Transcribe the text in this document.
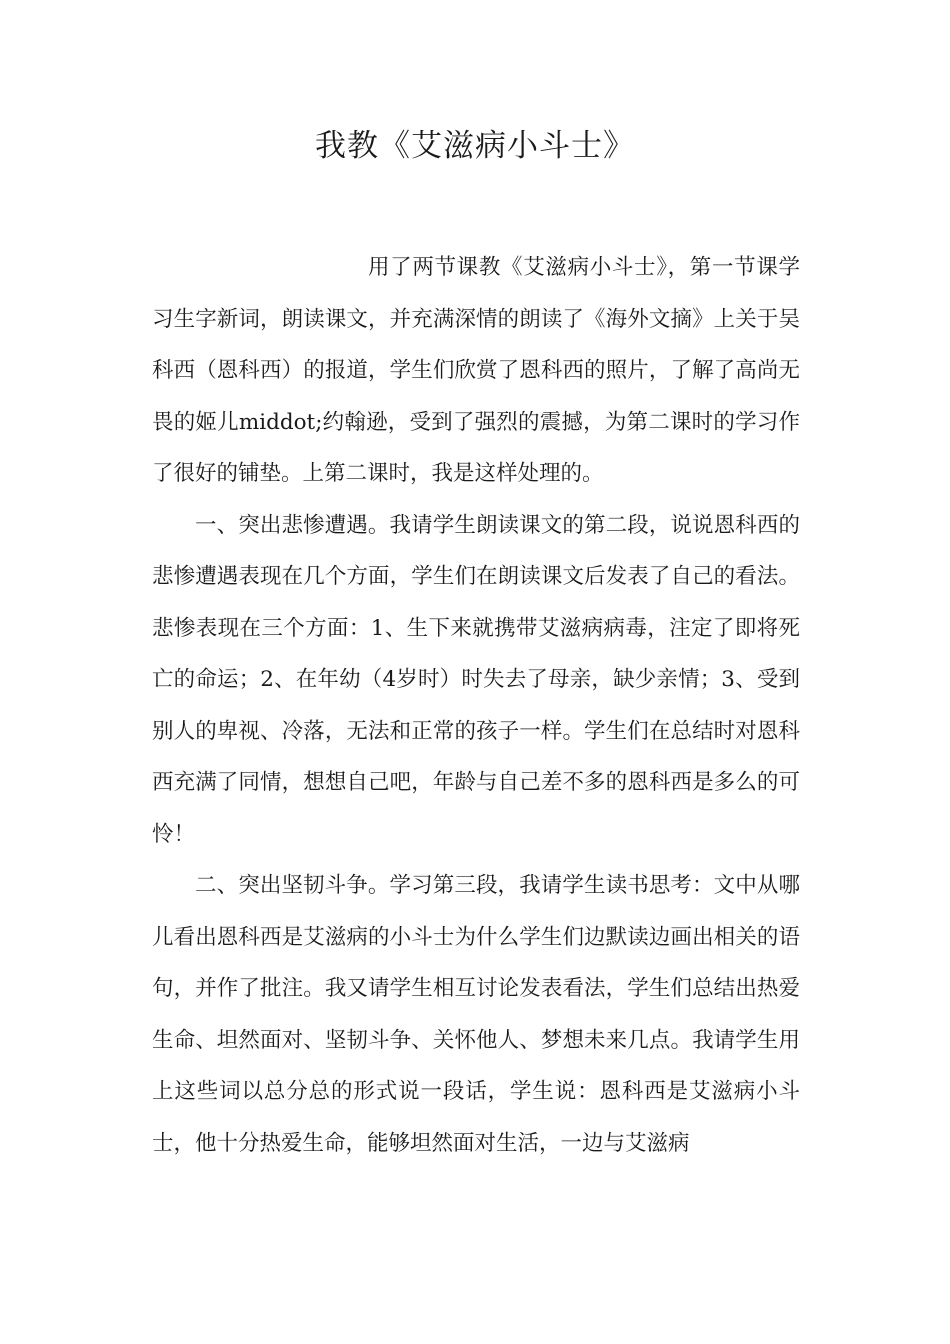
我教《艾滋病小斗士》

用了两节课教《艾滋病小斗士》，第一节课学习生字新词，朗读课文，并充满深情的朗读了《海外文摘》上关于吴科西（恩科西）的报道，学生们欣赏了恩科西的照片，了解了高尚无畏的姬儿middot;约翰逊，受到了强烈的震撼，为第二课时的学习作了很好的铺垫。上第二课时，我是这样处理的。

一、突出悲惨遭遇。我请学生朗读课文的第二段，说说恩科西的悲惨遭遇表现在几个方面，学生们在朗读课文后发表了自己的看法。悲惨表现在三个方面：1、生下来就携带艾滋病病毒，注定了即将死亡的命运；2、在年幼（4岁时）时失去了母亲，缺少亲情；3、受到别人的卑视、冷落，无法和正常的孩子一样。学生们在总结时对恩科西充满了同情，想想自己吧，年龄与自己差不多的恩科西是多么的可怜！

二、突出坚韧斗争。学习第三段，我请学生读书思考：文中从哪儿看出恩科西是艾滋病的小斗士为什么学生们边默读边画出相关的语句，并作了批注。我又请学生相互讨论发表看法，学生们总结出热爱生命、坦然面对、坚韧斗争、关怀他人、梦想未来几点。我请学生用上这些词以总分总的形式说一段话，学生说：恩科西是艾滋病小斗士，他十分热爱生命，能够坦然面对生活，一边与艾滋病
